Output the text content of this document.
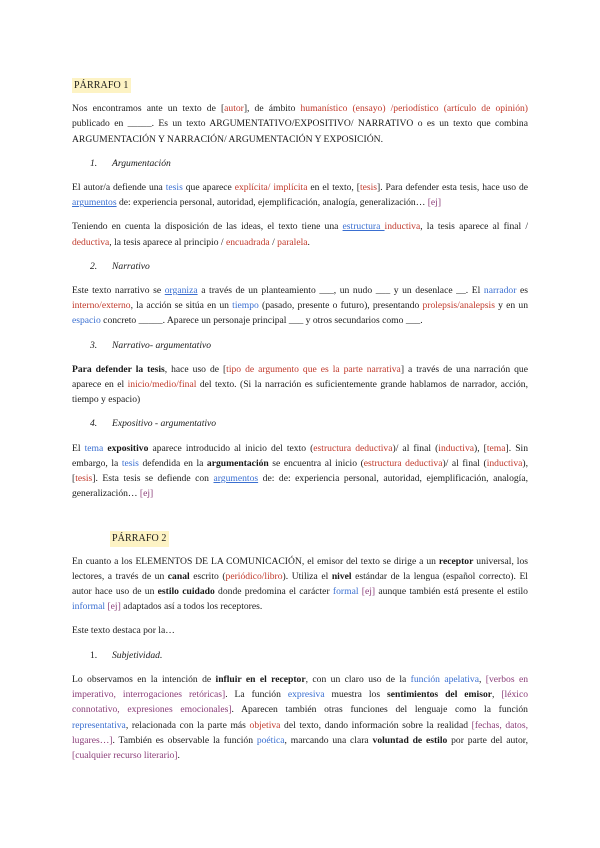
PÁRRAFO 1

Nos encontramos ante un texto de [autor], de ámbito humanístico (ensayo) /periodístico (artículo de opinión) publicado en _____. Es un texto ARGUMENTATIVO/EXPOSITIVO/ NARRATIVO o es un texto que combina ARGUMENTACIÓN Y NARRACIÓN/ ARGUMENTACIÓN Y EXPOSICIÓN.

1. Argumentación

El autor/a defiende una tesis que aparece explícita/ implícita en el texto, [tesis]. Para defender esta tesis, hace uso de argumentos de: experiencia personal, autoridad, ejemplificación, analogía, generalización… [ej]

Teniendo en cuenta la disposición de las ideas, el texto tiene una estructura inductiva, la tesis aparece al final / deductiva, la tesis aparece al principio / encuadrada / paralela.

2. Narrativo

Este texto narrativo se organiza a través de un planteamiento ___, un nudo ___ y un desenlace __. El narrador es interno/externo, la acción se sitúa en un tiempo (pasado, presente o futuro), presentando prolepsis/analepsis y en un espacio concreto _____. Aparece un personaje principal ___ y otros secundarios como ___.

3. Narrativo- argumentativo

Para defender la tesis, hace uso de [tipo de argumento que es la parte narrativa] a través de una narración que aparece en el inicio/medio/final del texto. (Si la narración es suficientemente grande hablamos de narrador, acción, tiempo y espacio)

4. Expositivo - argumentativo

El tema expositivo aparece introducido al inicio del texto (estructura deductiva)/ al final (inductiva), [tema]. Sin embargo, la tesis defendida en la argumentación se encuentra al inicio (estructura deductiva)/ al final (inductiva), [tesis]. Esta tesis se defiende con argumentos de: de: experiencia personal, autoridad, ejemplificación, analogía, generalización… [ej]

PÁRRAFO 2

En cuanto a los ELEMENTOS DE LA COMUNICACIÓN, el emisor del texto se dirige a un receptor universal, los lectores, a través de un canal escrito (periódico/libro). Utiliza el nivel estándar de la lengua (español correcto). El autor hace uso de un estilo cuidado donde predomina el carácter formal [ej] aunque también está presente el estilo informal [ej] adaptados así a todos los receptores.

Este texto destaca por la…

1. Subjetividad.

Lo observamos en la intención de influir en el receptor, con un claro uso de la función apelativa, [verbos en imperativo, interrogaciones retóricas]. La función expresiva muestra los sentimientos del emisor, [léxico connotativo, expresiones emocionales]. Aparecen también otras funciones del lenguaje como la función representativa, relacionada con la parte más objetiva del texto, dando información sobre la realidad [fechas, datos, lugares…]. También es observable la función poética, marcando una clara voluntad de estilo por parte del autor, [cualquier recurso literario].
